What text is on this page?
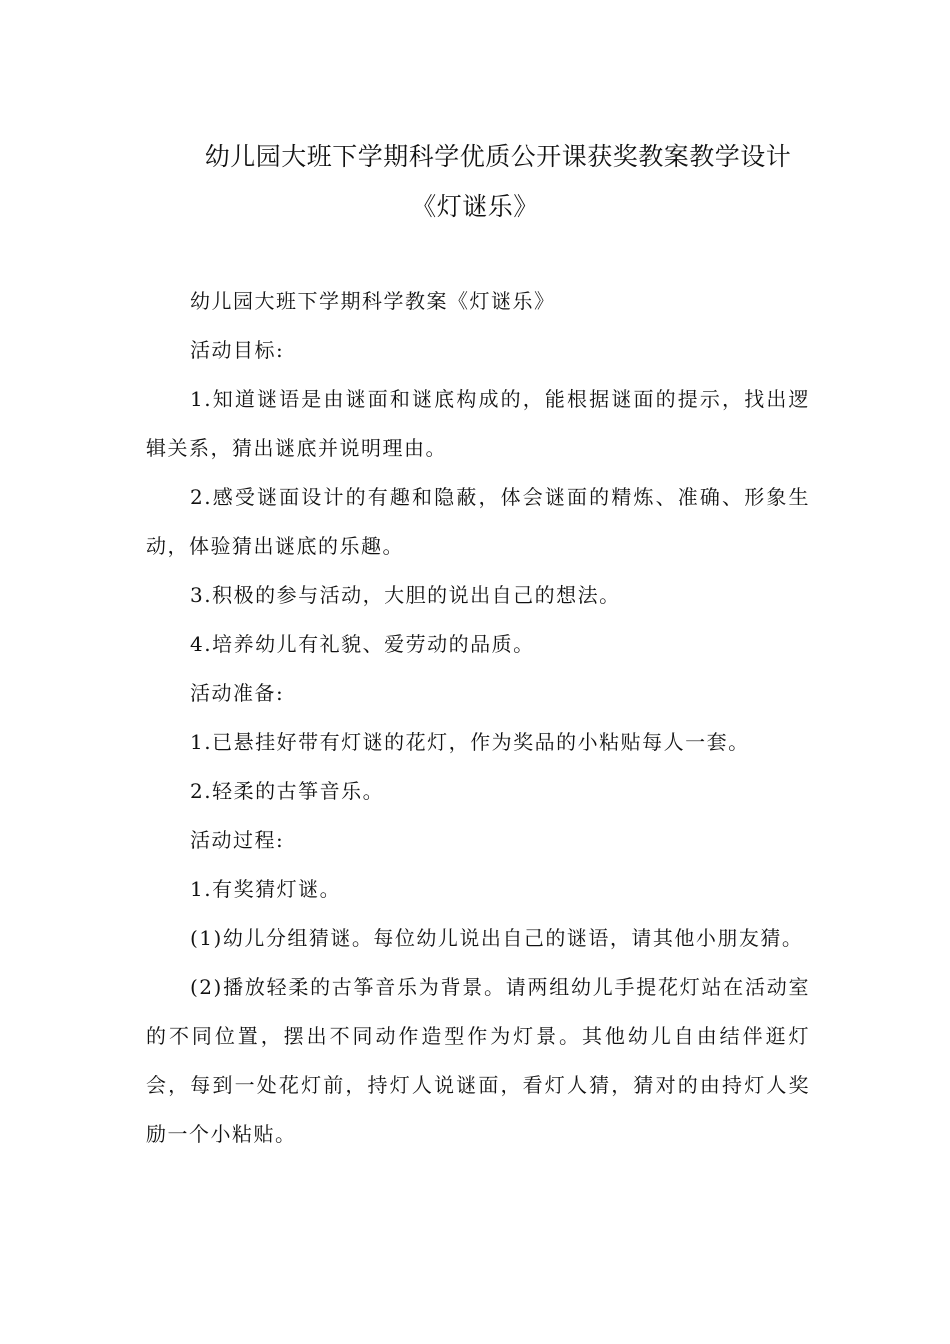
幼儿园大班下学期科学优质公开课获奖教案教学设计
《灯谜乐》

幼儿园大班下学期科学教案《灯谜乐》

活动目标:

1.知道谜语是由谜面和谜底构成的，能根据谜面的提示，找出逻辑关系，猜出谜底并说明理由。

2.感受谜面设计的有趣和隐蔽，体会谜面的精炼、准确、形象生动，体验猜出谜底的乐趣。

3.积极的参与活动，大胆的说出自己的想法。

4.培养幼儿有礼貌、爱劳动的品质。

活动准备:

1.已悬挂好带有灯谜的花灯，作为奖品的小粘贴每人一套。

2.轻柔的古筝音乐。

活动过程:

1.有奖猜灯谜。

(1)幼儿分组猜谜。每位幼儿说出自己的谜语，请其他小朋友猜。

(2)播放轻柔的古筝音乐为背景。请两组幼儿手提花灯站在活动室的不同位置，摆出不同动作造型作为灯景。其他幼儿自由结伴逛灯会，每到一处花灯前，持灯人说谜面，看灯人猜，猜对的由持灯人奖励一个小粘贴。
